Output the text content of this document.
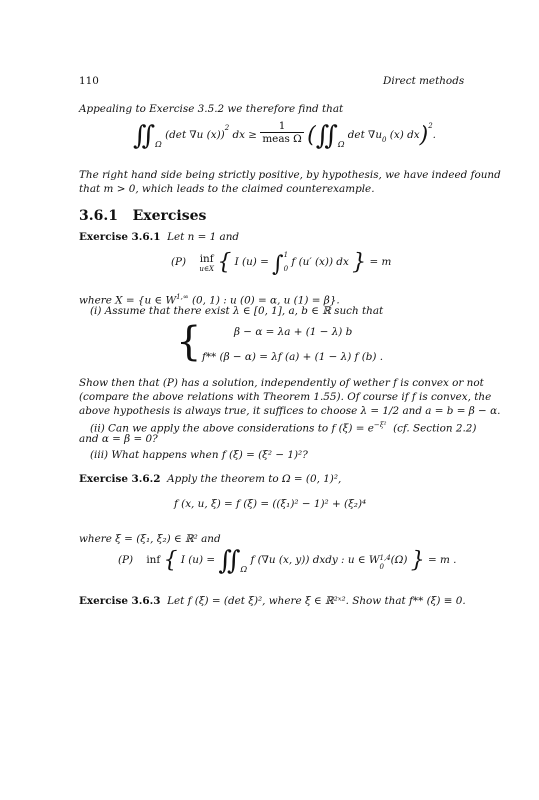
110	Direct methods
Appealing to Exercise 3.5.2 we therefore find that
$∬_\Omega$ (det ∇u (x))$^2$ dx ≥ $\frac{1}{\text{meas Ω}}$ ($∬_\Omega$ $\det \nabla u_0$ (x) dx)$^2$.
The right hand side being strictly positive, by hypothesis, we have indeed found
that m > 0, which leads to the claimed counterexample.
3.6.1 Exercises
Exercise 3.6.1 Let n = 1 and
(P) inf
u∈X { I (u) = ∫ 1
0
f (u′ (x)) dx } = m
where X = {u ∈ $W^{1,\infty}$ (0, 1) : u (0) = α, u (1) = β}.
(i) Assume that there exist λ ∈ [0, 1], a, b ∈ ℝ such that
{	β − α = λa + (1 − λ) b
f** (β − α) = λf (a) + (1 − λ) f (b) .
Show then that (P) has a solution, independently of wether f is convex or not
(compare the above relations with Theorem 1.55). Of course if f is convex, the
above hypothesis is always true, it suffices to choose λ = 1/2 and a = b = β − α.
(ii) Can we apply the above considerations to f $(\xi) = e^{-\xi^2}$ (cf. Section 2.2)
and α = β = 0?
(iii) What happens when f (ξ) = (ξ² − 1)²?
Exercise 3.6.2 Apply the theorem to Ω = (0, 1)²,
f (x, u, ξ) = f (ξ) = ((ξ₁)² − 1)² + (ξ₂)⁴
where ξ = (ξ₁, ξ₂) ∈ ℝ² and
(P) inf { I $(u) = ∬_\Omega$ f (∇u (x, y)) dxdy : u ∈ W 1,4
0
(Ω) } = m .
Exercise 3.6.3 Let f (ξ) = (det ξ)², where ξ ∈ ℝ²ˣ². Show that f** (ξ) ≡ 0.
